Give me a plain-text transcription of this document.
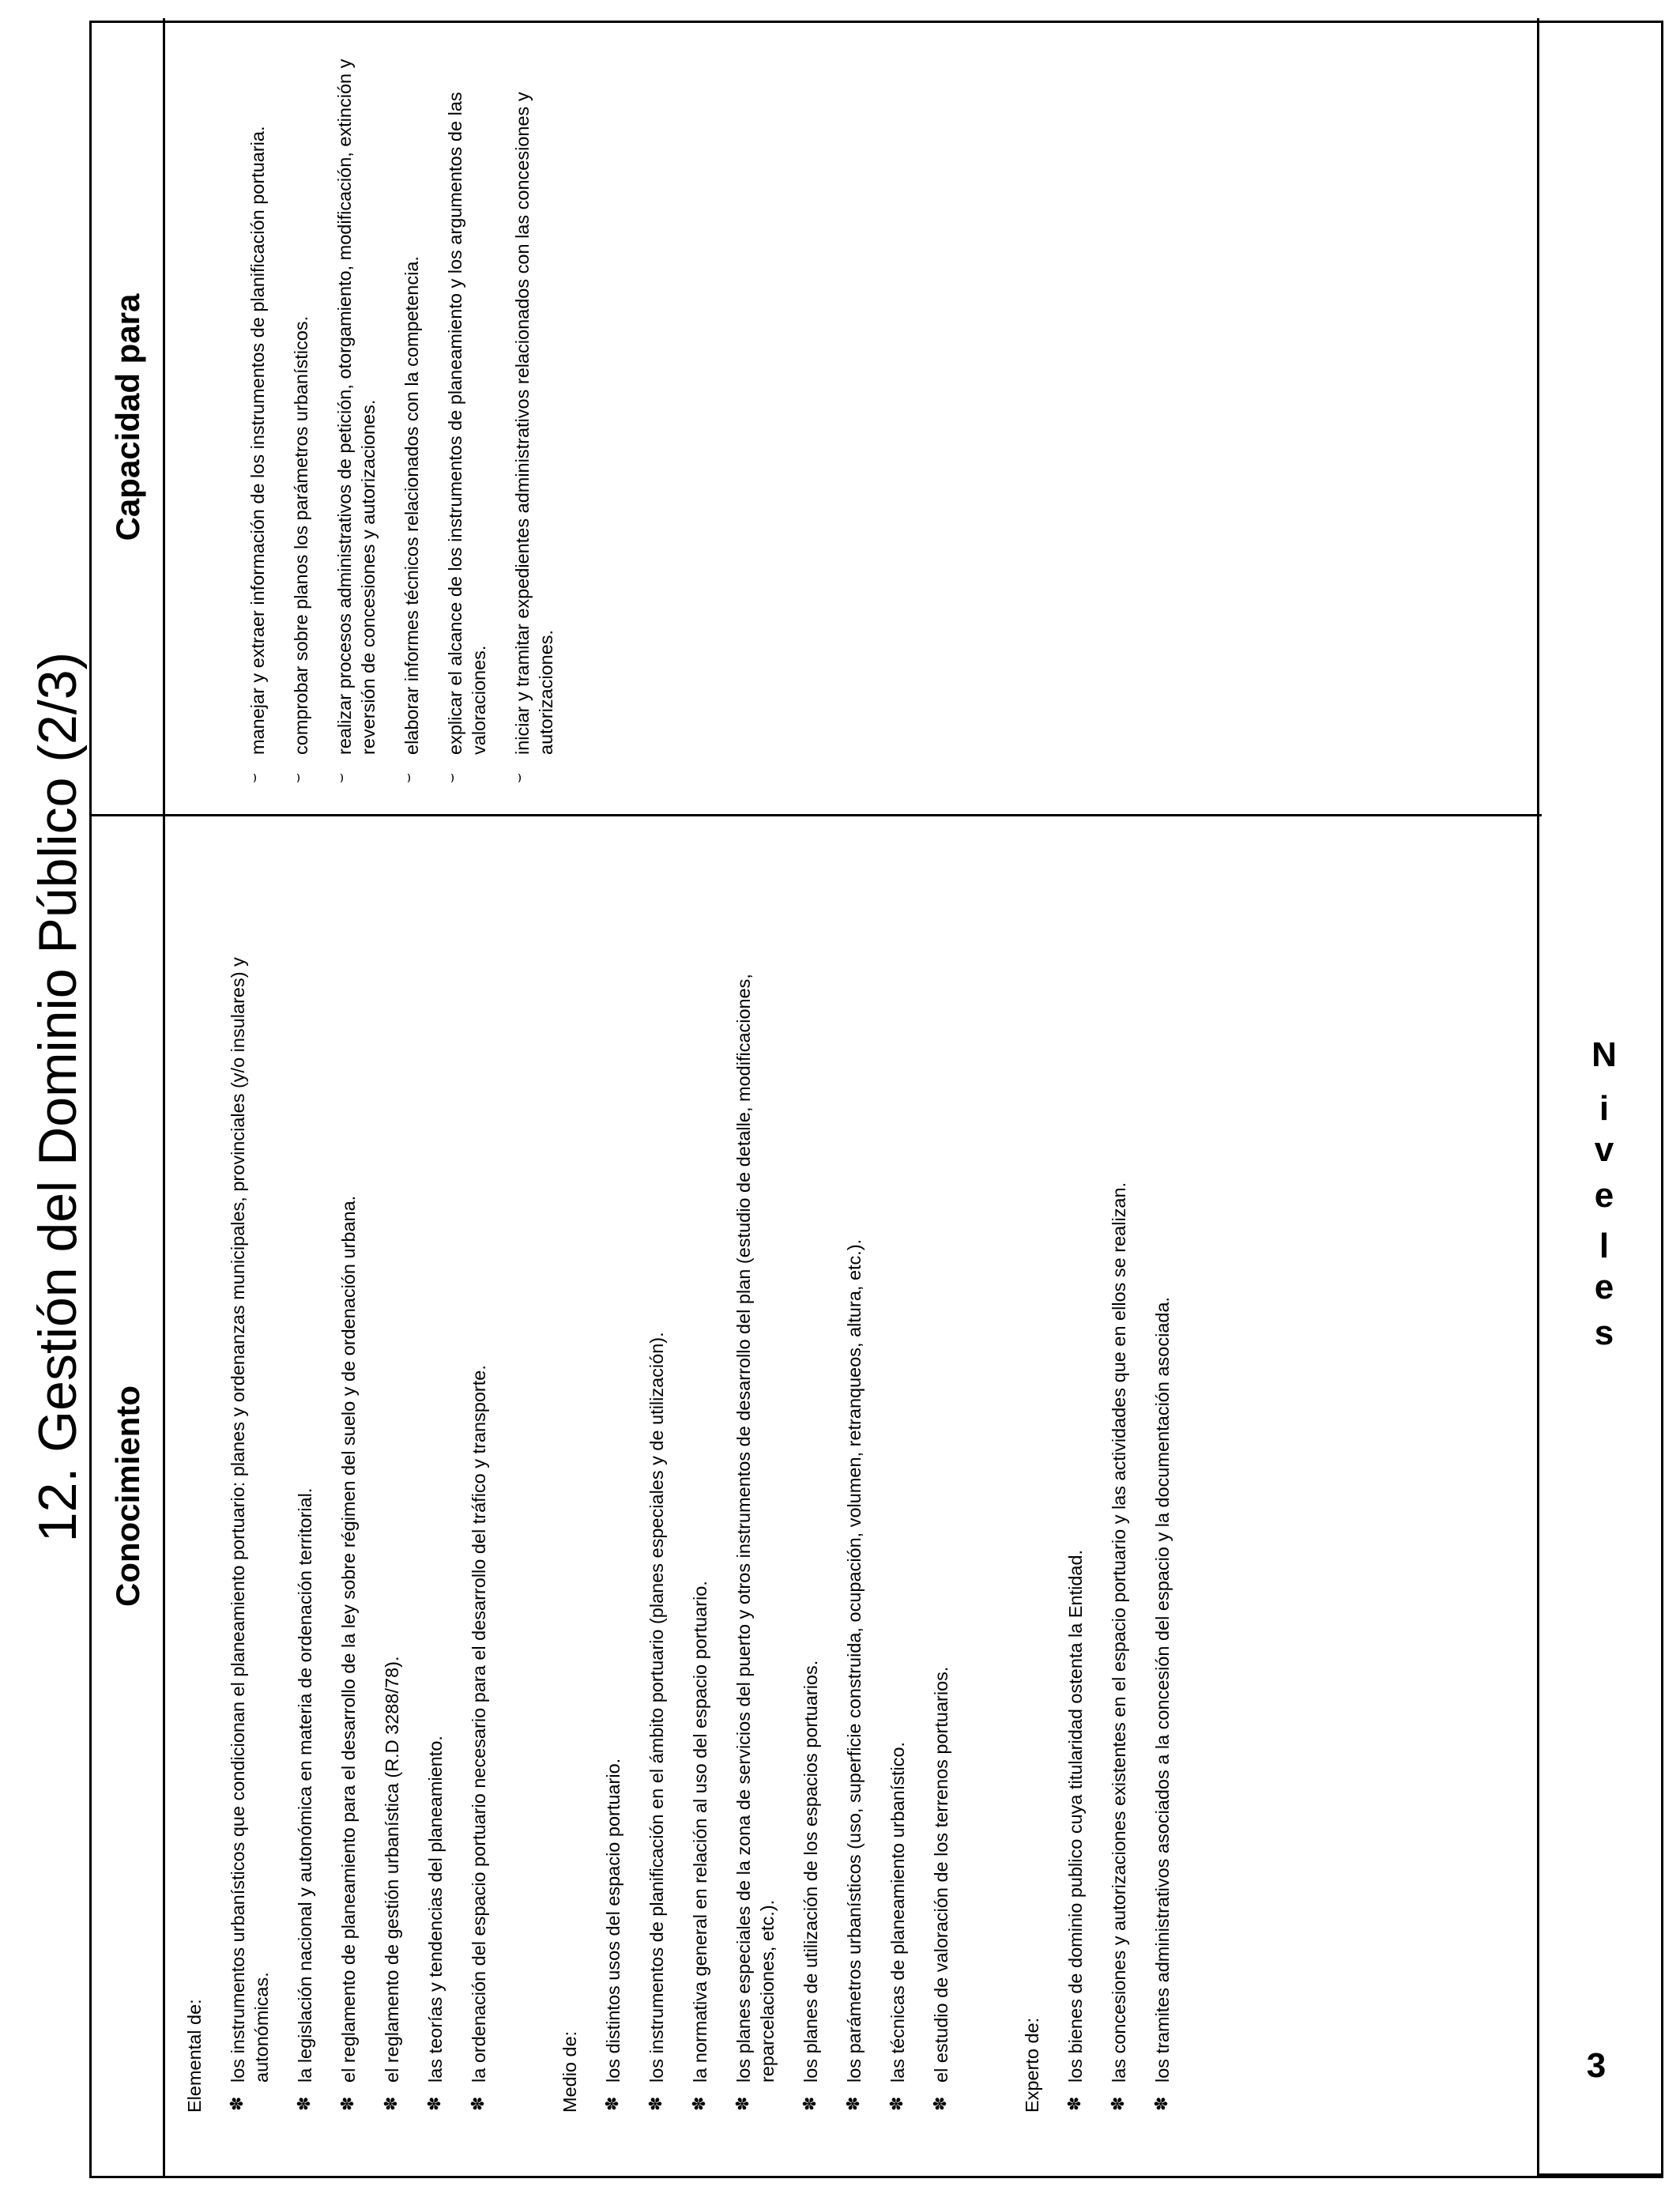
12. Gestión del Dominio Público (2/3) Conocimiento
Capacidad para
Elemental de: ✽
los instrumentos urbanísticos que condicionan el planeamiento portuario: planes y ordenanzas municipales, provinciales (y/o insulares) y autonómicas.
✽
la legislación nacional y autonómica en materia de ordenación territorial.
✽
el reglamento de planeamiento para el desarrollo de la ley sobre régimen del suelo y de ordenación urbana.
✽
el reglamento de gestión urbanística (R.D 3288/78).
✽
las teorías y tendencias del planeamiento.
✽
la ordenación del espacio portuario necesario para el desarrollo del tráfico y transporte.	Medio de: ✽
los distintos usos del espacio portuario.
✽
los instrumentos de planificación en el ámbito portuario (planes especiales y de utilización).
✽
la normativa general en relación al uso del espacio portuario.
✽
los planes especiales de la zona de servicios del puerto y otros instrumentos de desarrollo del plan (estudio de detalle, modificaciones, reparcelaciones, etc.).
✽
los planes de utilización de los espacios portuarios.
✽
los parámetros urbanísticos (uso, superficie construida, ocupación, volumen, retranqueos, altura, etc.).
✽
las técnicas de planeamiento urbanístico.
✽
el estudio de valoración de los terrenos portuarios.	Experto de: ✽
los bienes de dominio publico cuya titularidad ostenta la Entidad.
✽
las concesiones y autorizaciones existentes en el espacio portuario y las actividades que en ellos se realizan.
✽
los tramites administrativos asociados a la concesión del espacio y la documentación asociada.
⌣
manejar y extraer información de los instrumentos de planificación portuaria.
⌣
comprobar sobre planos los parámetros urbanísticos.
⌣
realizar procesos administrativos de petición, otorgamiento, modificación, extinción y reversión de concesiones y autorizaciones.
⌣
elaborar informes técnicos relacionados con la competencia.
⌣
explicar el alcance de los instrumentos de planeamiento y los argumentos de las valoraciones.
⌣
iniciar y tramitar expedientes administrativos relacionados con las concesiones y autorizaciones.
N
i
v
e
l
e
s
3
